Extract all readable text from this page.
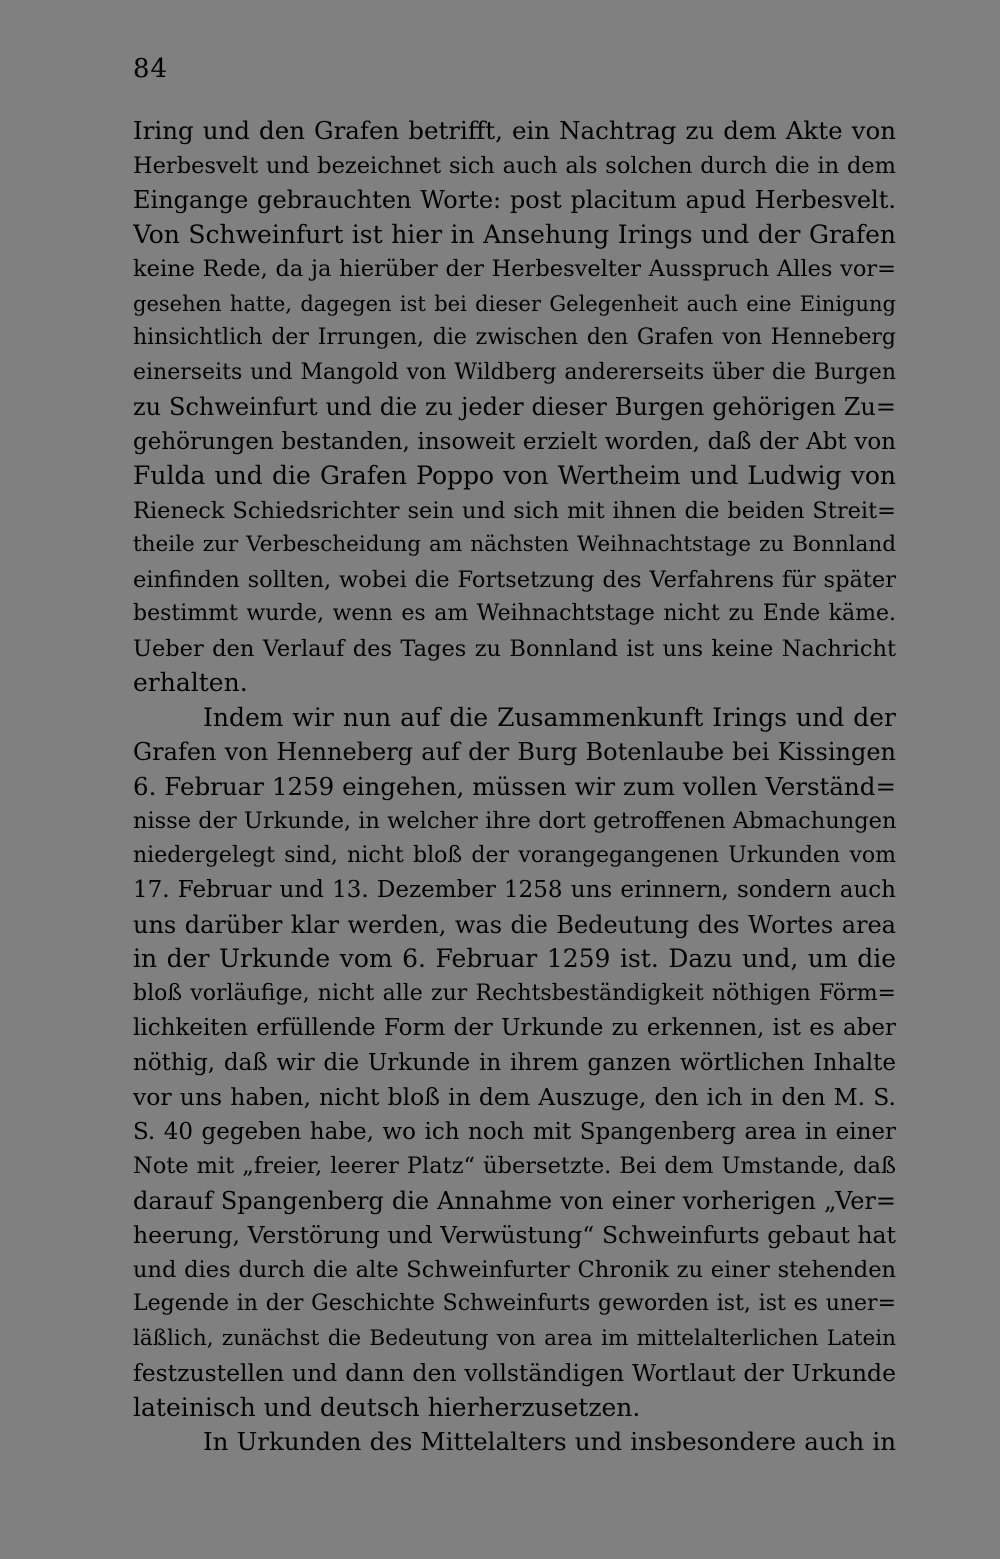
84
Iring und den Grafen betrifft, ein Nachtrag zu dem Akte von
Herbesvelt und bezeichnet sich auch als solchen durch die in dem
Eingange gebrauchten Worte: post placitum apud Herbesvelt.
Von Schweinfurt ist hier in Ansehung Irings und der Grafen
keine Rede, da ja hierüber der Herbesvelter Ausspruch Alles vor=
gesehen hatte, dagegen ist bei dieser Gelegenheit auch eine Einigung
hinsichtlich der Irrungen, die zwischen den Grafen von Henneberg
einerseits und Mangold von Wildberg andererseits über die Burgen
zu Schweinfurt und die zu jeder dieser Burgen gehörigen Zu=
gehörungen bestanden, insoweit erzielt worden, daß der Abt von
Fulda und die Grafen Poppo von Wertheim und Ludwig von
Rieneck Schiedsrichter sein und sich mit ihnen die beiden Streit=
theile zur Verbescheidung am nächsten Weihnachtstage zu Bonnland
einfinden sollten, wobei die Fortsetzung des Verfahrens für später
bestimmt wurde, wenn es am Weihnachtstage nicht zu Ende käme.
Ueber den Verlauf des Tages zu Bonnland ist uns keine Nachricht
erhalten.
Indem wir nun auf die Zusammenkunft Irings und der
Grafen von Henneberg auf der Burg Botenlaube bei Kissingen
6. Februar 1259 eingehen, müssen wir zum vollen Verständ=
nisse der Urkunde, in welcher ihre dort getroffenen Abmachungen
niedergelegt sind, nicht bloß der vorangegangenen Urkunden vom
17. Februar und 13. Dezember 1258 uns erinnern, sondern auch
uns darüber klar werden, was die Bedeutung des Wortes area
in der Urkunde vom 6. Februar 1259 ist. Dazu und, um die
bloß vorläufige, nicht alle zur Rechtsbeständigkeit nöthigen Förm=
lichkeiten erfüllende Form der Urkunde zu erkennen, ist es aber
nöthig, daß wir die Urkunde in ihrem ganzen wörtlichen Inhalte
vor uns haben, nicht bloß in dem Auszuge, den ich in den M. S.
S. 40 gegeben habe, wo ich noch mit Spangenberg area in einer
Note mit „freier, leerer Platz“ übersetzte. Bei dem Umstande, daß
darauf Spangenberg die Annahme von einer vorherigen „Ver=
heerung, Verstörung und Verwüstung“ Schweinfurts gebaut hat
und dies durch die alte Schweinfurter Chronik zu einer stehenden
Legende in der Geschichte Schweinfurts geworden ist, ist es uner=
läßlich, zunächst die Bedeutung von area im mittelalterlichen Latein
festzustellen und dann den vollständigen Wortlaut der Urkunde
lateinisch und deutsch hierherzusetzen.
In Urkunden des Mittelalters und insbesondere auch in
